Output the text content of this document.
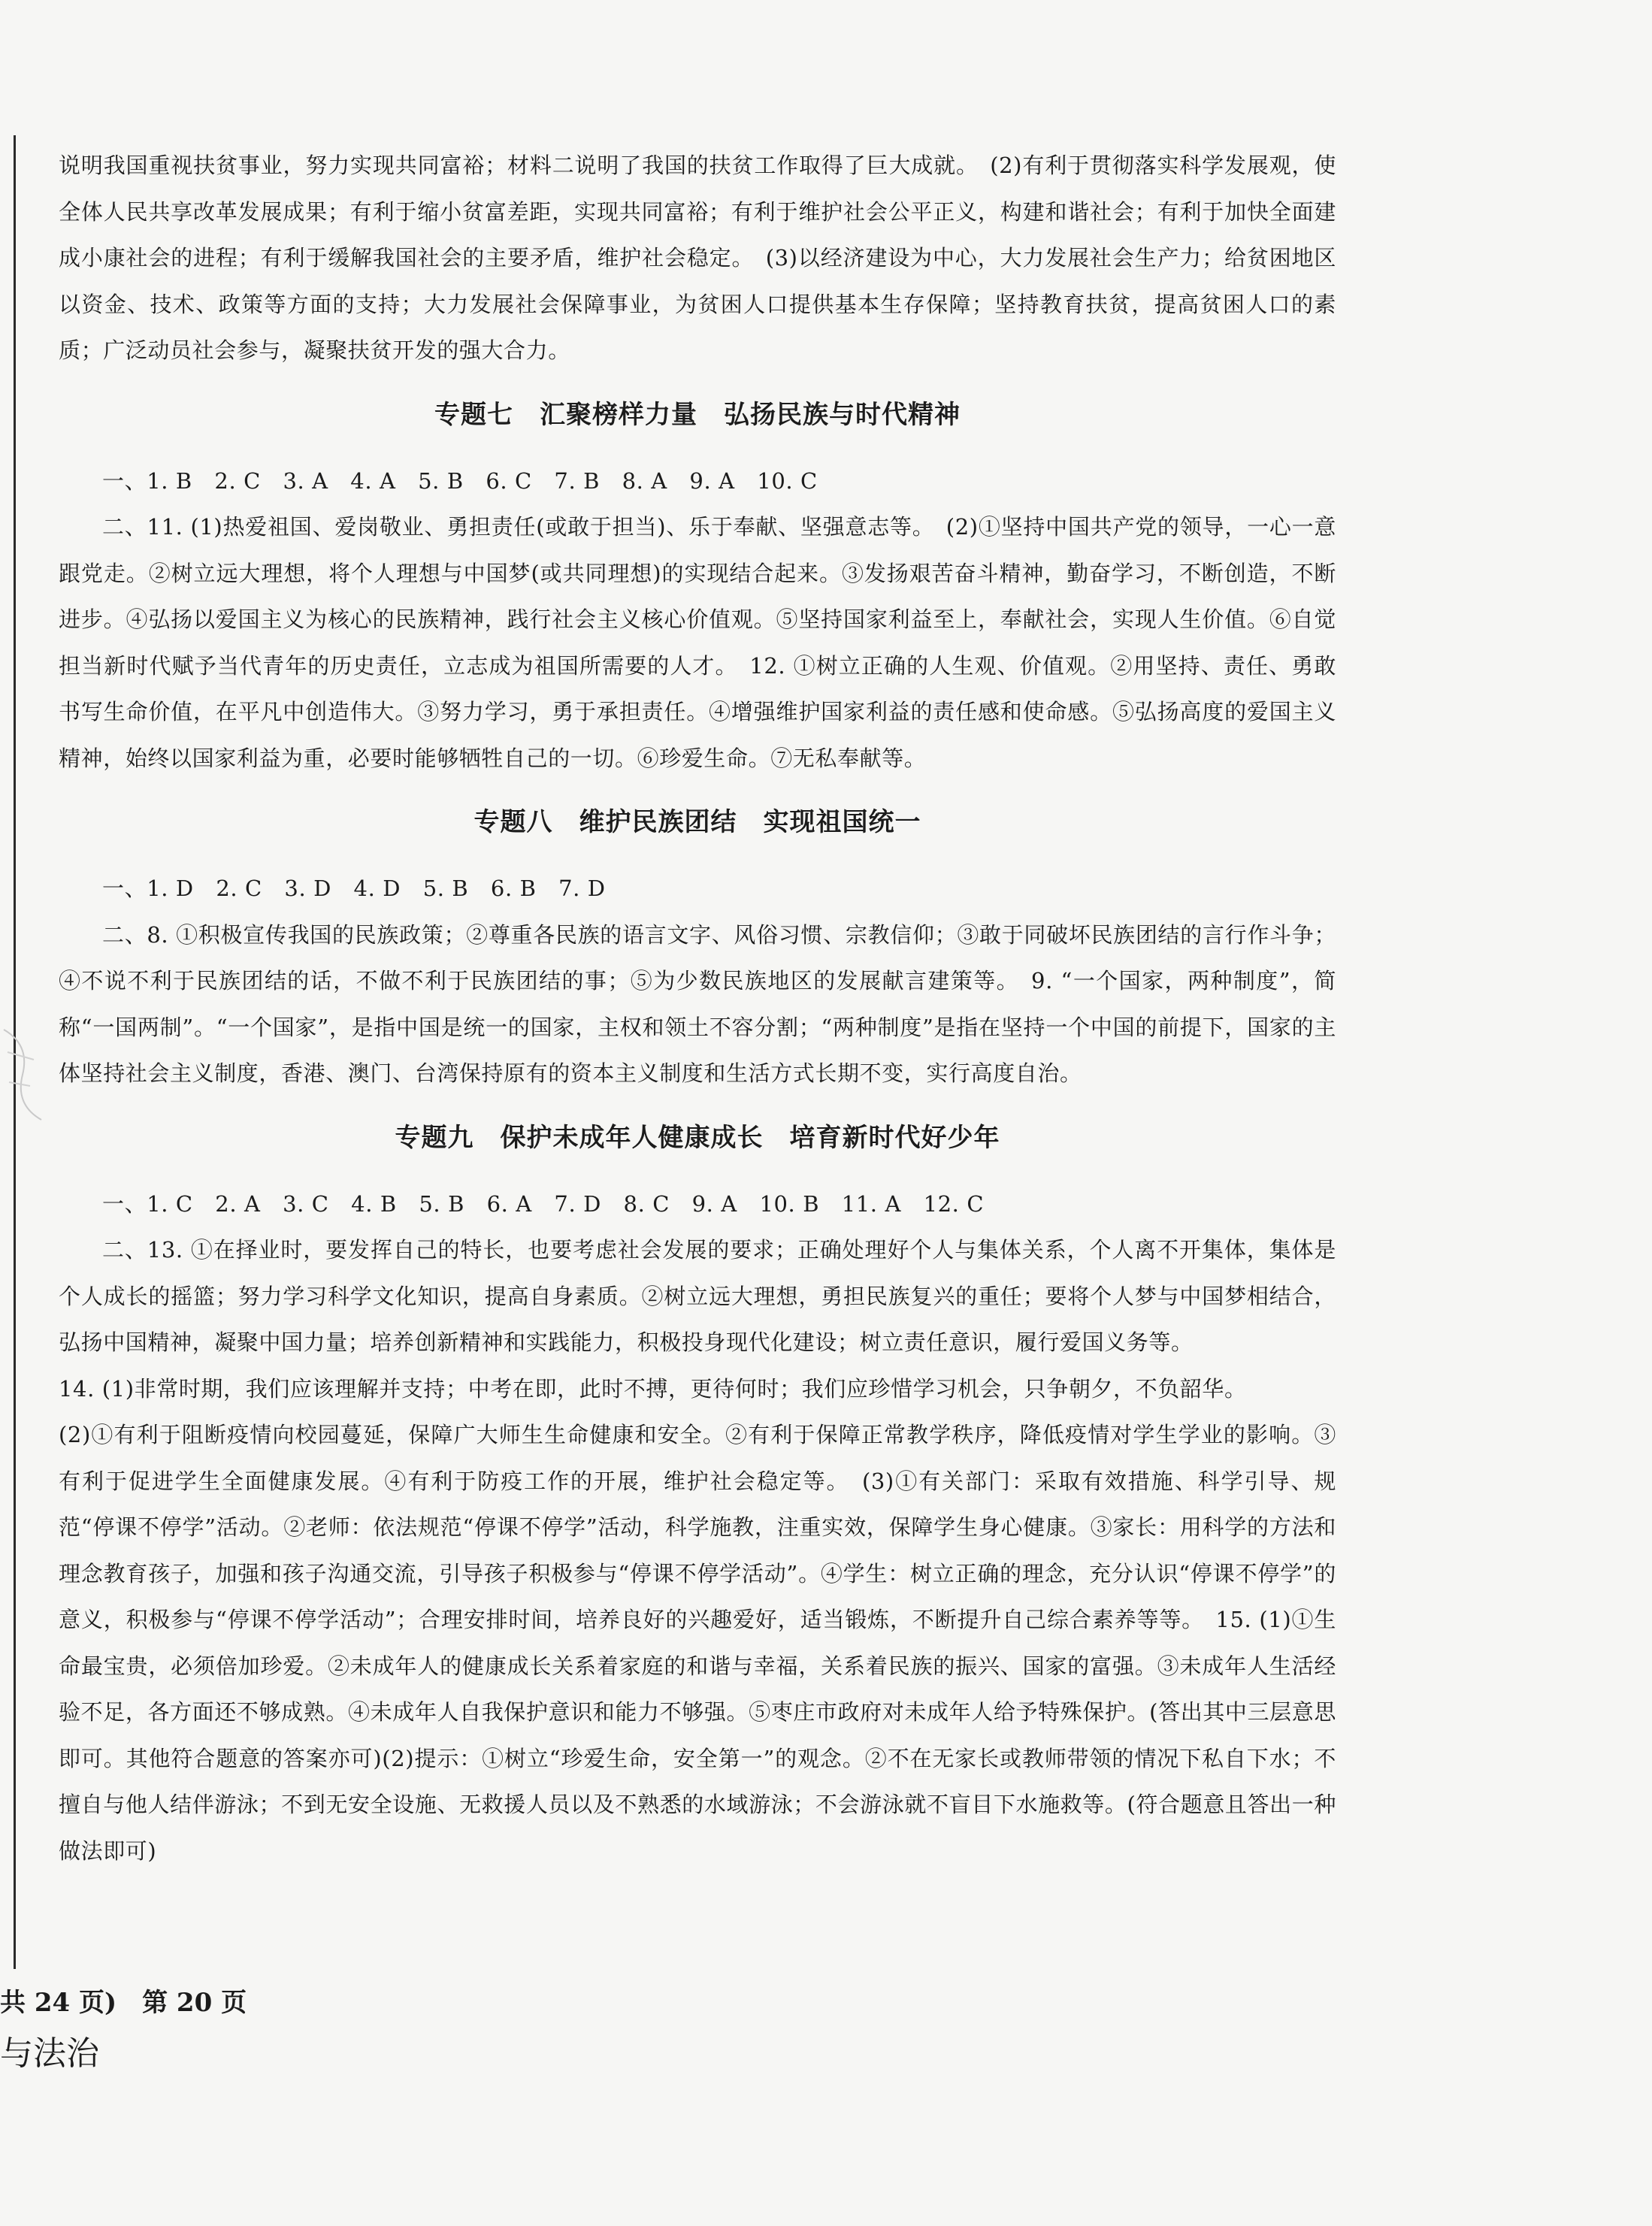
说明我国重视扶贫事业，努力实现共同富裕；材料二说明了我国的扶贫工作取得了巨大成就。　(2)有利于贯彻落实科学发展观，使全体人民共享改革发展成果；有利于缩小贫富差距，实现共同富裕；有利于维护社会公平正义，构建和谐社会；有利于加快全面建成小康社会的进程；有利于缓解我国社会的主要矛盾，维护社会稳定。　(3)以经济建设为中心，大力发展社会生产力；给贫困地区以资金、技术、政策等方面的支持；大力发展社会保障事业，为贫困人口提供基本生存保障；坚持教育扶贫，提高贫困人口的素质；广泛动员社会参与，凝聚扶贫开发的强大合力。

专题七　汇聚榜样力量　弘扬民族与时代精神

一、1. B　2. C　3. A　4. A　5. B　6. C　7. B　8. A　9. A　10. C

二、11. (1)热爱祖国、爱岗敬业、勇担责任(或敢于担当)、乐于奉献、坚强意志等。　(2)①坚持中国共产党的领导，一心一意跟党走。②树立远大理想，将个人理想与中国梦(或共同理想)的实现结合起来。③发扬艰苦奋斗精神，勤奋学习，不断创造，不断进步。④弘扬以爱国主义为核心的民族精神，践行社会主义核心价值观。⑤坚持国家利益至上，奉献社会，实现人生价值。⑥自觉担当新时代赋予当代青年的历史责任，立志成为祖国所需要的人才。　12. ①树立正确的人生观、价值观。②用坚持、责任、勇敢书写生命价值，在平凡中创造伟大。③努力学习，勇于承担责任。④增强维护国家利益的责任感和使命感。⑤弘扬高度的爱国主义精神，始终以国家利益为重，必要时能够牺牲自己的一切。⑥珍爱生命。⑦无私奉献等。

专题八　维护民族团结　实现祖国统一

一、1. D　2. C　3. D　4. D　5. B　6. B　7. D

二、8. ①积极宣传我国的民族政策；②尊重各民族的语言文字、风俗习惯、宗教信仰；③敢于同破坏民族团结的言行作斗争；④不说不利于民族团结的话，不做不利于民族团结的事；⑤为少数民族地区的发展献言建策等。　9. “一个国家，两种制度”，简称“一国两制”。“一个国家”，是指中国是统一的国家，主权和领土不容分割；“两种制度”是指在坚持一个中国的前提下，国家的主体坚持社会主义制度，香港、澳门、台湾保持原有的资本主义制度和生活方式长期不变，实行高度自治。

专题九　保护未成年人健康成长　培育新时代好少年

一、1. C　2. A　3. C　4. B　5. B　6. A　7. D　8. C　9. A　10. B　11. A　12. C

二、13. ①在择业时，要发挥自己的特长，也要考虑社会发展的要求；正确处理好个人与集体关系，个人离不开集体，集体是个人成长的摇篮；努力学习科学文化知识，提高自身素质。②树立远大理想，勇担民族复兴的重任；要将个人梦与中国梦相结合，弘扬中国精神，凝聚中国力量；培养创新精神和实践能力，积极投身现代化建设；树立责任意识，履行爱国义务等。

14. (1)非常时期，我们应该理解并支持；中考在即，此时不搏，更待何时；我们应珍惜学习机会，只争朝夕，不负韶华。

(2)①有利于阻断疫情向校园蔓延，保障广大师生生命健康和安全。②有利于保障正常教学秩序，降低疫情对学生学业的影响。③有利于促进学生全面健康发展。④有利于防疫工作的开展，维护社会稳定等。　(3)①有关部门：采取有效措施、科学引导、规范“停课不停学”活动。②老师：依法规范“停课不停学”活动，科学施教，注重实效，保障学生身心健康。③家长：用科学的方法和理念教育孩子，加强和孩子沟通交流，引导孩子积极参与“停课不停学活动”。④学生：树立正确的理念，充分认识“停课不停学”的意义，积极参与“停课不停学活动”；合理安排时间，培养良好的兴趣爱好，适当锻炼，不断提升自己综合素养等等。　15. (1)①生命最宝贵，必须倍加珍爱。②未成年人的健康成长关系着家庭的和谐与幸福，关系着民族的振兴、国家的富强。③未成年人生活经验不足，各方面还不够成熟。④未成年人自我保护意识和能力不够强。⑤枣庄市政府对未成年人给予特殊保护。(答出其中三层意思即可。其他符合题意的答案亦可)(2)提示：①树立“珍爱生命，安全第一”的观念。②不在无家长或教师带领的情况下私自下水；不擅自与他人结伴游泳；不到无安全设施、无救援人员以及不熟悉的水域游泳；不会游泳就不盲目下水施救等。(符合题意且答出一种做法即可)

共 24 页)　第 20 页
与法治
